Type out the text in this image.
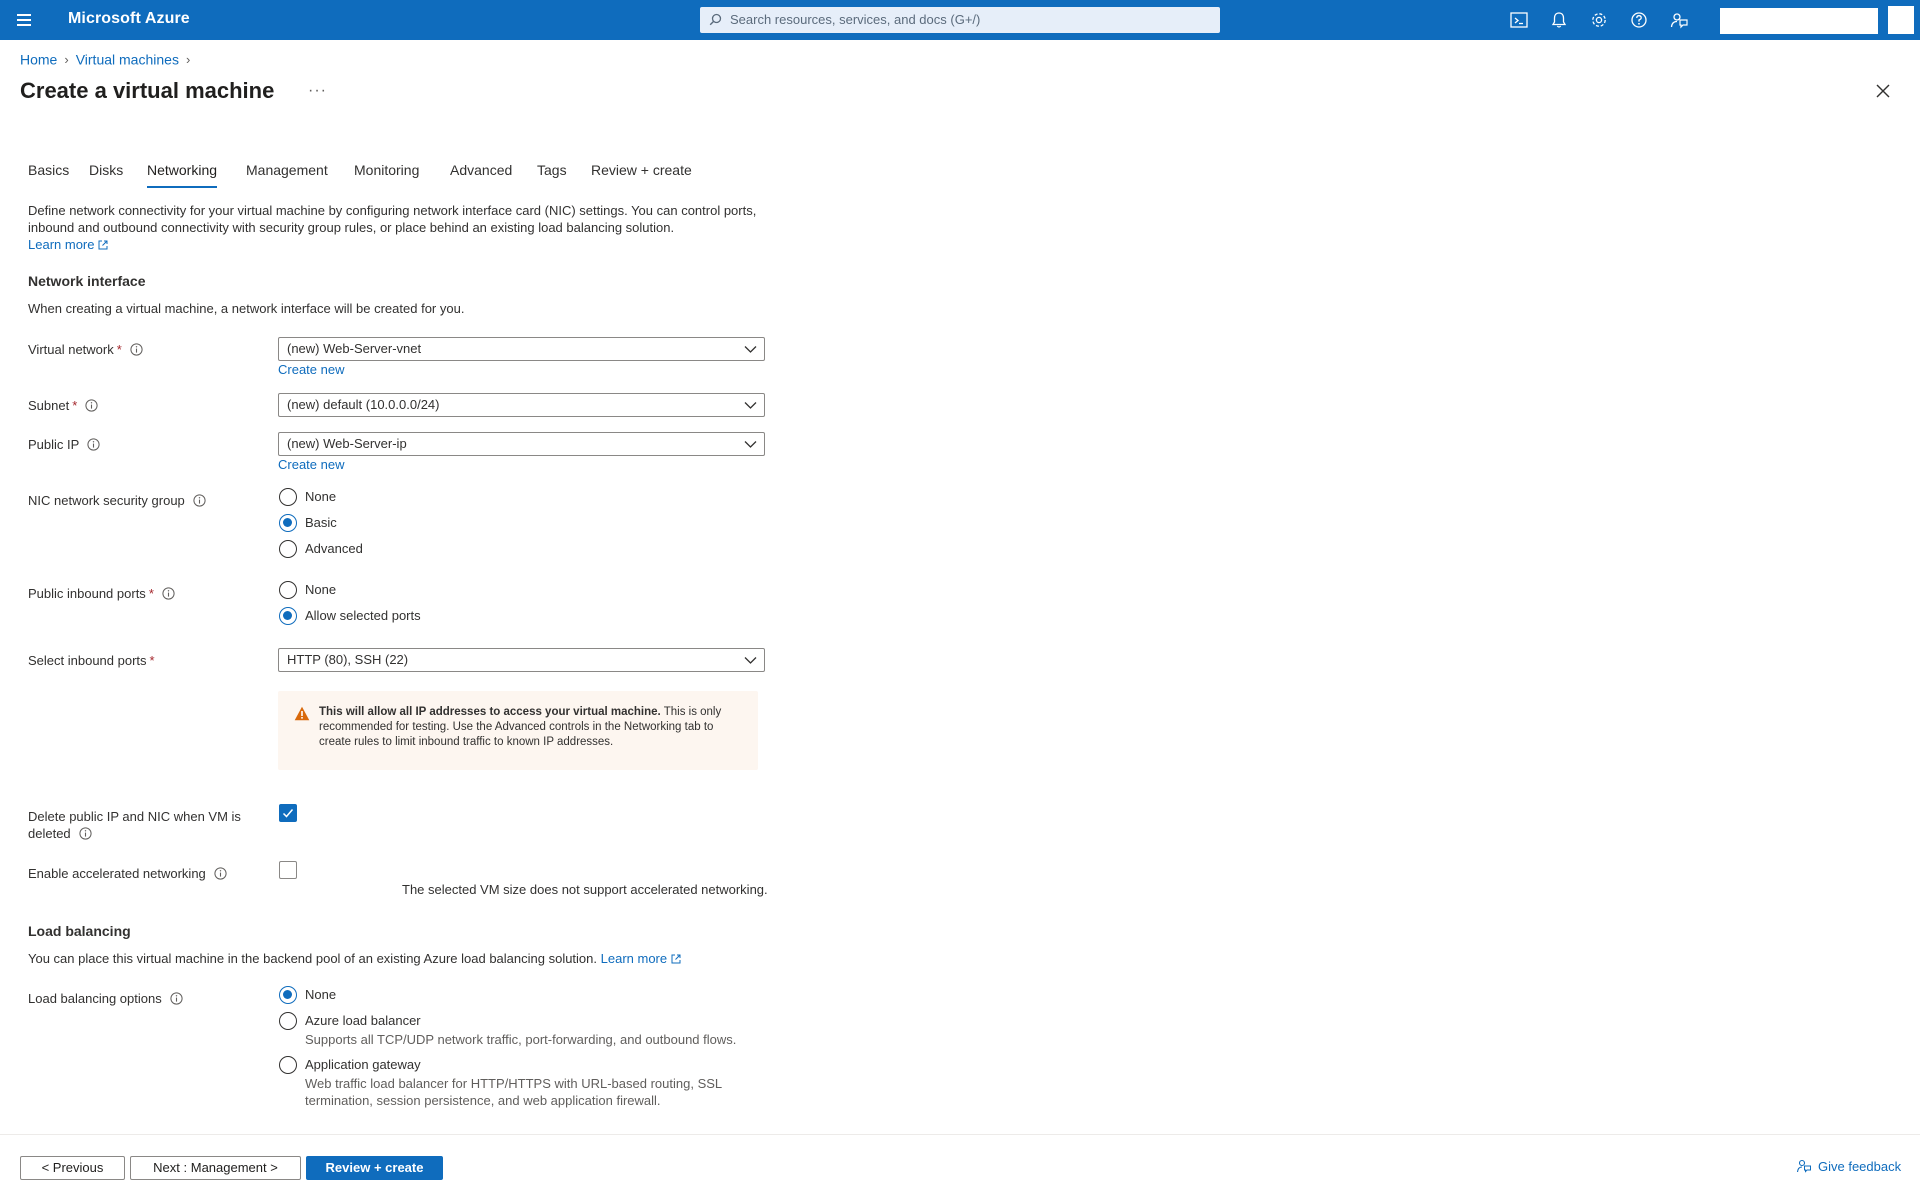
Microsoft Azure	Search resources, services, and docs (G+/)
Home › Virtual machines ›
Create a virtual machine ···
Basics Disks Networking Management Monitoring Advanced Tags Review + create
Define network connectivity for your virtual machine by configuring network interface card (NIC) settings. You can control ports, inbound and outbound connectivity with security group rules, or place behind an existing load balancing solution.
Learn more
Network interface
When creating a virtual machine, a network interface will be created for you.
Virtual network *	(new) Web-Server-vnet
Create new
Subnet *	(new) default (10.0.0.0/24)
Public IP	(new) Web-Server-ip
Create new
NIC network security group	None
Basic
Advanced
Public inbound ports *	None
Allow selected ports
Select inbound ports *	HTTP (80), SSH (22)
This will allow all IP addresses to access your virtual machine. This is only recommended for testing. Use the Advanced controls in the Networking tab to create rules to limit inbound traffic to known IP addresses.
Delete public IP and NIC when VM is deleted
Enable accelerated networking
The selected VM size does not support accelerated networking.
Load balancing
You can place this virtual machine in the backend pool of an existing Azure load balancing solution. Learn more
Load balancing options	None
Azure load balancer
Supports all TCP/UDP network traffic, port-forwarding, and outbound flows.
Application gateway
Web traffic load balancer for HTTP/HTTPS with URL-based routing, SSL termination, session persistence, and web application firewall.
< Previous	Next : Management >	Review + create	Give feedback
